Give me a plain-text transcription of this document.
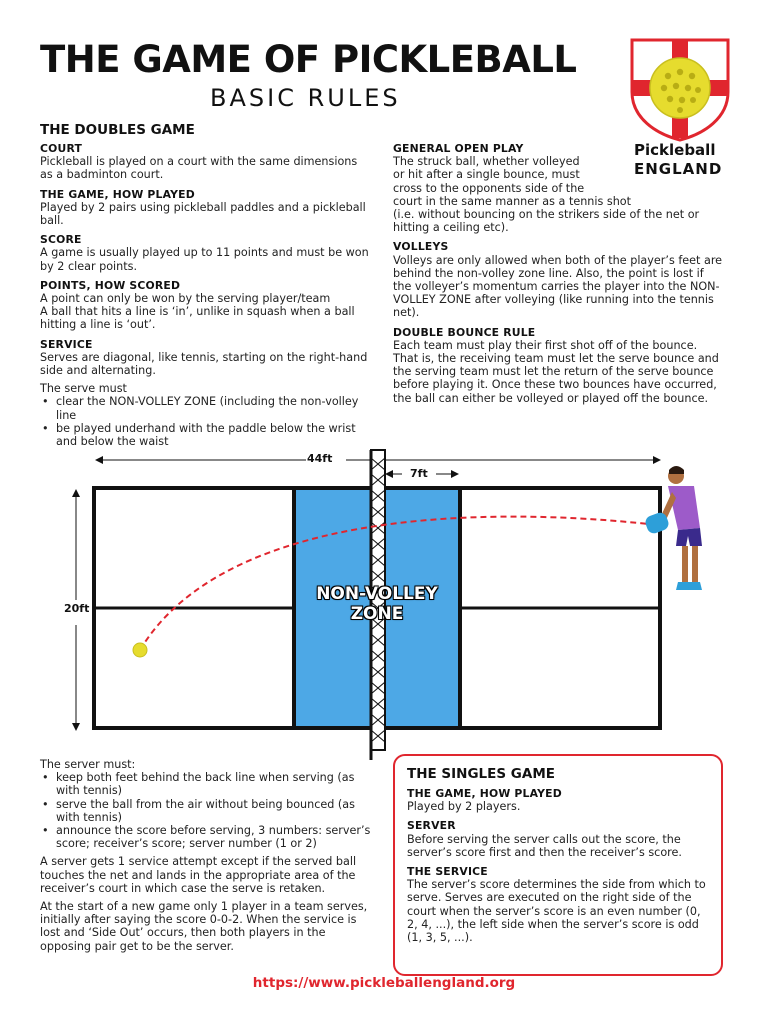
THE GAME OF PICKLEBALL
BASIC RULES
Pickleball
ENGLAND
THE DOUBLES GAME
COURT

Pickleball is played on a court with the same dimensions as a badminton court.

THE GAME, HOW PLAYED

Played by 2 pairs using pickleball paddles and a pickleball ball.

SCORE

A game is usually played up to 11 points and must be won by 2 clear points.

POINTS, HOW SCORED

A point can only be won by the serving player/team

A ball that hits a line is ‘in’, unlike in squash when a ball hitting a line is ‘out’.

SERVICE

Serves are diagonal, like tennis, starting on the right-hand side and alternating.

The serve must

• clear the NON-VOLLEY ZONE (including the non-volley line
• be played underhand with the paddle below the wrist and below the waist
GENERAL OPEN PLAY

The struck ball, whether volleyed

or hit after a single bounce, must

cross to the opponents side of the

court in the same manner as a tennis shot

(i.e. without bouncing on the strikers side of the net or hitting a ceiling etc).

VOLLEYS

Volleys are only allowed when both of the player’s feet are behind the non-volley zone line. Also, the point is lost if the volleyer’s momentum carries the player into the NON-VOLLEY ZONE after volleying (like running into the tennis net).

DOUBLE BOUNCE RULE

Each team must play their first shot off of the bounce. That is, the receiving team must let the serve bounce and the serving team must let the return of the serve bounce before playing it. Once these two bounces have occurred, the ball can either be volleyed or played off the bounce.

44ft
7ft
20ft
NON-VOLLEY
ZONE

The server must:

• keep both feet behind the back line when serving (as with tennis)
• serve the ball from the air without being bounced (as with tennis)
• announce the score before serving, 3 numbers: server’s score; receiver’s score; server number (1 or 2)

A server gets 1 service attempt except if the served ball touches the net and lands in the appropriate area of the receiver’s court in which case the serve is retaken.

At the start of a new game only 1 player in a team serves, initially after saying the score 0-0-2. When the service is lost and ‘Side Out’ occurs, then both players in the opposing pair get to be the server.

THE SINGLES GAME
THE GAME, HOW PLAYED

Played by 2 players.

SERVER

Before serving the server calls out the score, the server’s score first and then the receiver’s score.

THE SERVICE

The server’s score determines the side from which to serve. Serves are executed on the right side of the court when the server’s score is an even number (0, 2, 4, ...), the left side when the server’s score is odd (1, 3, 5, ...).

https://www.pickleballengland.org
